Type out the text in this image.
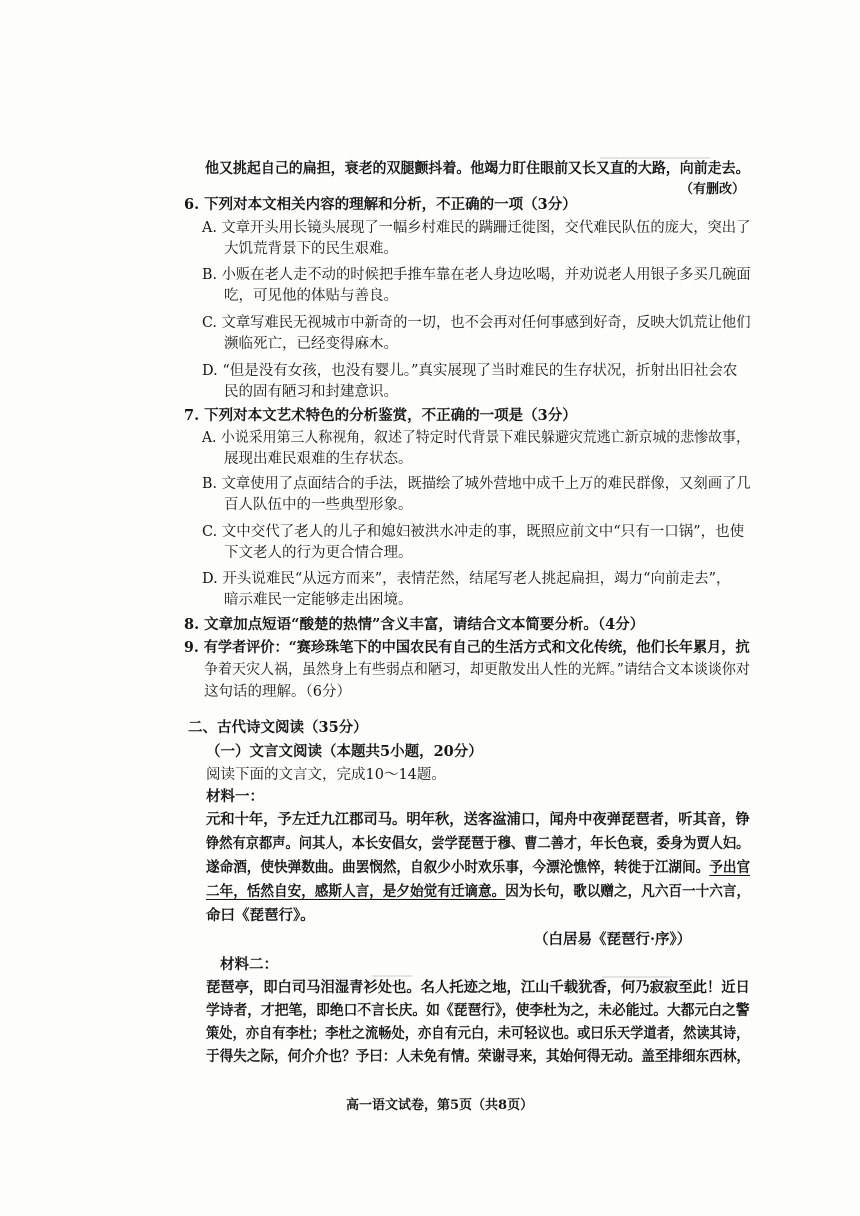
他又挑起自己的扁担，衰老的双腿颤抖着。他竭力盯住眼前又长又直的大路，向前走去。
（有删改）
6. 下列对本文相关内容的理解和分析，不正确的一项（3分）
A. 文章开头用长镜头展现了一幅乡村难民的蹒跚迁徙图，交代难民队伍的庞大，突出了
大饥荒背景下的民生艰难。
B. 小贩在老人走不动的时候把手推车靠在老人身边吆喝，并劝说老人用银子多买几碗面
吃，可见他的体贴与善良。
C. 文章写难民无视城市中新奇的一切，也不会再对任何事感到好奇，反映大饥荒让他们
濒临死亡，已经变得麻木。
D. “但是没有女孩，也没有婴儿。”真实展现了当时难民的生存状况，折射出旧社会农
民的固有陋习和封建意识。
7. 下列对本文艺术特色的分析鉴赏，不正确的一项是（3分）
A. 小说采用第三人称视角，叙述了特定时代背景下难民躲避灾荒逃亡新京城的悲惨故事，
展现出难民艰难的生存状态。
B. 文章使用了点面结合的手法，既描绘了城外营地中成千上万的难民群像，又刻画了几
百人队伍中的一些典型形象。
C. 文中交代了老人的儿子和媳妇被洪水冲走的事，既照应前文中“只有一口锅”，也使
下文老人的行为更合情合理。
D. 开头说难民“从远方而来”，表情茫然，结尾写老人挑起扁担，竭力“向前走去”，
暗示难民一定能够走出困境。
8. 文章加点短语“酸楚的热情”含义丰富，请结合文本简要分析。（4分）
9. 有学者评价：“赛珍珠笔下的中国农民有自己的生活方式和文化传统，他们长年累月，抗
争着天灾人祸，虽然身上有些弱点和陋习，却更散发出人性的光辉。”请结合文本谈谈你对
这句话的理解。（6分）
二、古代诗文阅读（35分）
（一）文言文阅读（本题共5小题，20分）
阅读下面的文言文，完成10～14题。
材料一：
元和十年，予左迁九江郡司马。明年秋，送客湓浦口，闻舟中夜弹琵琶者，听其音，铮
铮然有京都声。问其人，本长安倡女，尝学琵琶于穆、曹二善才，年长色衰，委身为贾人妇。
遂命酒，使快弹数曲。曲罢悯然，自叙少小时欢乐事，今漂沦憔悴，转徙于江湖间。予出官
二年，恬然自安，感斯人言，是夕始觉有迁谪意。因为长句，歌以赠之，凡六百一十六言，
命曰《琵琶行》。
（白居易《琵琶行·序》）
材料二：
琵琶亭，即白司马泪湿青衫处也。名人托迹之地，江山千载犹香，何乃寂寂至此！近日
学诗者，才把笔，即绝口不言长庆。如《琵琶行》，使李杜为之，未必能过。大都元白之警
策处，亦自有李杜；李杜之流畅处，亦自有元白，未可轻议也。或曰乐天学道者，然读其诗，
于得失之际，何介介也？予曰：人未免有情。荣谢寻来，其始何得无动。盖至排细东西林，
高一语文试卷，第5页（共8页）
